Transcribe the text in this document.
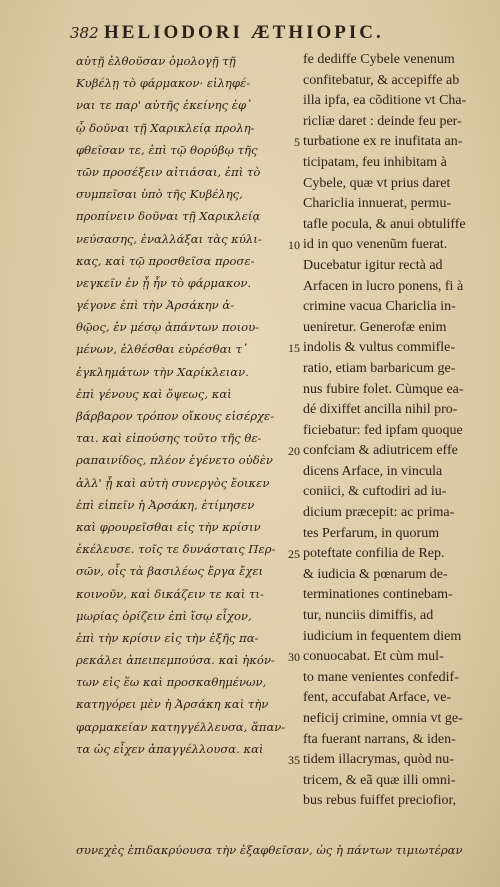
382 HELIODORI ÆTHIOPIC.
αὐτῇ ἐλθοῦσαν ὁμολογῇ τῇ
Κυβέλῃ τὸ φάρμακον· εἰληφέ-
ναι τε παρ' αὐτῆς ἐκείνης ἐφ᾽
ᾧ δοῦναι τῇ Χαρικλείᾳ προλη-
φθεῖσαν τε, ἐπὶ τῷ θορύβῳ τῆς
τῶν προσέξειν αἰτιάσαι, ἐπὶ τὸ
συμπεῖσαι ὑπὸ τῆς Κυβέλης,
προπίνειν δοῦναι τῇ Χαρικλείᾳ
νεύσασης, ἐναλλάξαι τὰς κύλι-
κας, καὶ τῷ προσθεῖσα προσε-
νεγκεῖν ἐν ᾗ ἦν τὸ φάρμακον.
γέγονε ἐπὶ τὴν Ἀρσάκην ἀ-
θῷος, ἐν μέσῳ ἁπάντων ποιου-
μένων, ἐλθέσθαι εὐρέσθαι τ᾽
ἐγκλημάτων τὴν Χαρίκλειαν.
ἐπὶ γένους καὶ ὄψεως, καὶ
βάρβαρον τρόπον οἴκους εἰσέρχε-
ται. καὶ εἰπούσης τοῦτο τῆς θε-
ραπαινίδος, πλέον ἐγένετο οὐδὲν
ἀλλ' ᾗ καὶ αὐτὴ συνεργὸς ἔοικεν
ἐπὶ εἰπεῖν ἡ Ἀρσάκη, ἐτίμησεν
καὶ φρουρεῖσθαι εἰς τὴν κρίσιν
ἐκέλευσε. τοῖς τε δυνάσταις Περ-
σῶν, οἷς τὰ βασιλέως ἔργα ἔχει
κοινοῦν, καὶ δικάζειν τε καὶ τι-
μωρίας ὁρίζειν ἐπὶ ἴσῳ εἶχον,
ἐπὶ τὴν κρίσιν εἰς τὴν ἐξῆς πα-
ρεκάλει ἀπειπεμπούσα. καὶ ἡκόν-
των εἰς ἕω καὶ προσκαθημένων,
κατηγόρει μὲν ἡ Ἀρσάκη καὶ τὴν
φαρμακείαν κατηγγέλλευσα, ἅπαν-
τα ὡς εἶχεν ἀπαγγέλλουσα. καὶ
fe dediffe Cybele venenum
confitebatur, & accepiffe ab
illa ipfa, ea cõditione vt Cha-
ricliæ daret : deinde feu per-
5 turbatione ex re inufitata an-
ticipatam, feu inhibitam à
Cybele, quæ vt prius daret
Chariclia innuerat, permu-
tafle pocula, & anui obtuliffe
10 id in quo venenũm fuerat.
Ducebatur igitur rectà ad
Arfacen in lucro ponens, fi à
crimine vacua Chariclia in-
ueniretur. Generofæ enim
15 indolis & vultus commifle-
ratio, etiam barbaricum ge-
nus fubire folet. Cùmque ea-
dé dixiffet ancilla nihil pro-
ficiebatur: fed ipfam quoque
20 confciam & adiutricem effe
dicens Arface, in vincula
coniici, & cuftodiri ad iu-
dicium præcepit: ac prima-
tes Perfarum, in quorum
25 poteftate confilia de Rep.
& iudicia & pœnarum de-
terminationes continebam-
tur, nunciis dimiffis, ad
iudicium in fequentem diem
30 conuocabat. Et cùm mul-
to mane venientes confedif-
fent, accufabat Arface, ve-
neficij crimine, omnia vt ge-
fta fuerant narrans, & iden-
35 tidem illacrymas, quòd nu-
tricem, & eã quæ illi omni-
bus rebus fuiffet preciofior,
συνεχὲς ἐπιδακρύουσα τὴν ἐξαφθεῖσαν, ὡς ἡ πάντων τιμιωτέραν
